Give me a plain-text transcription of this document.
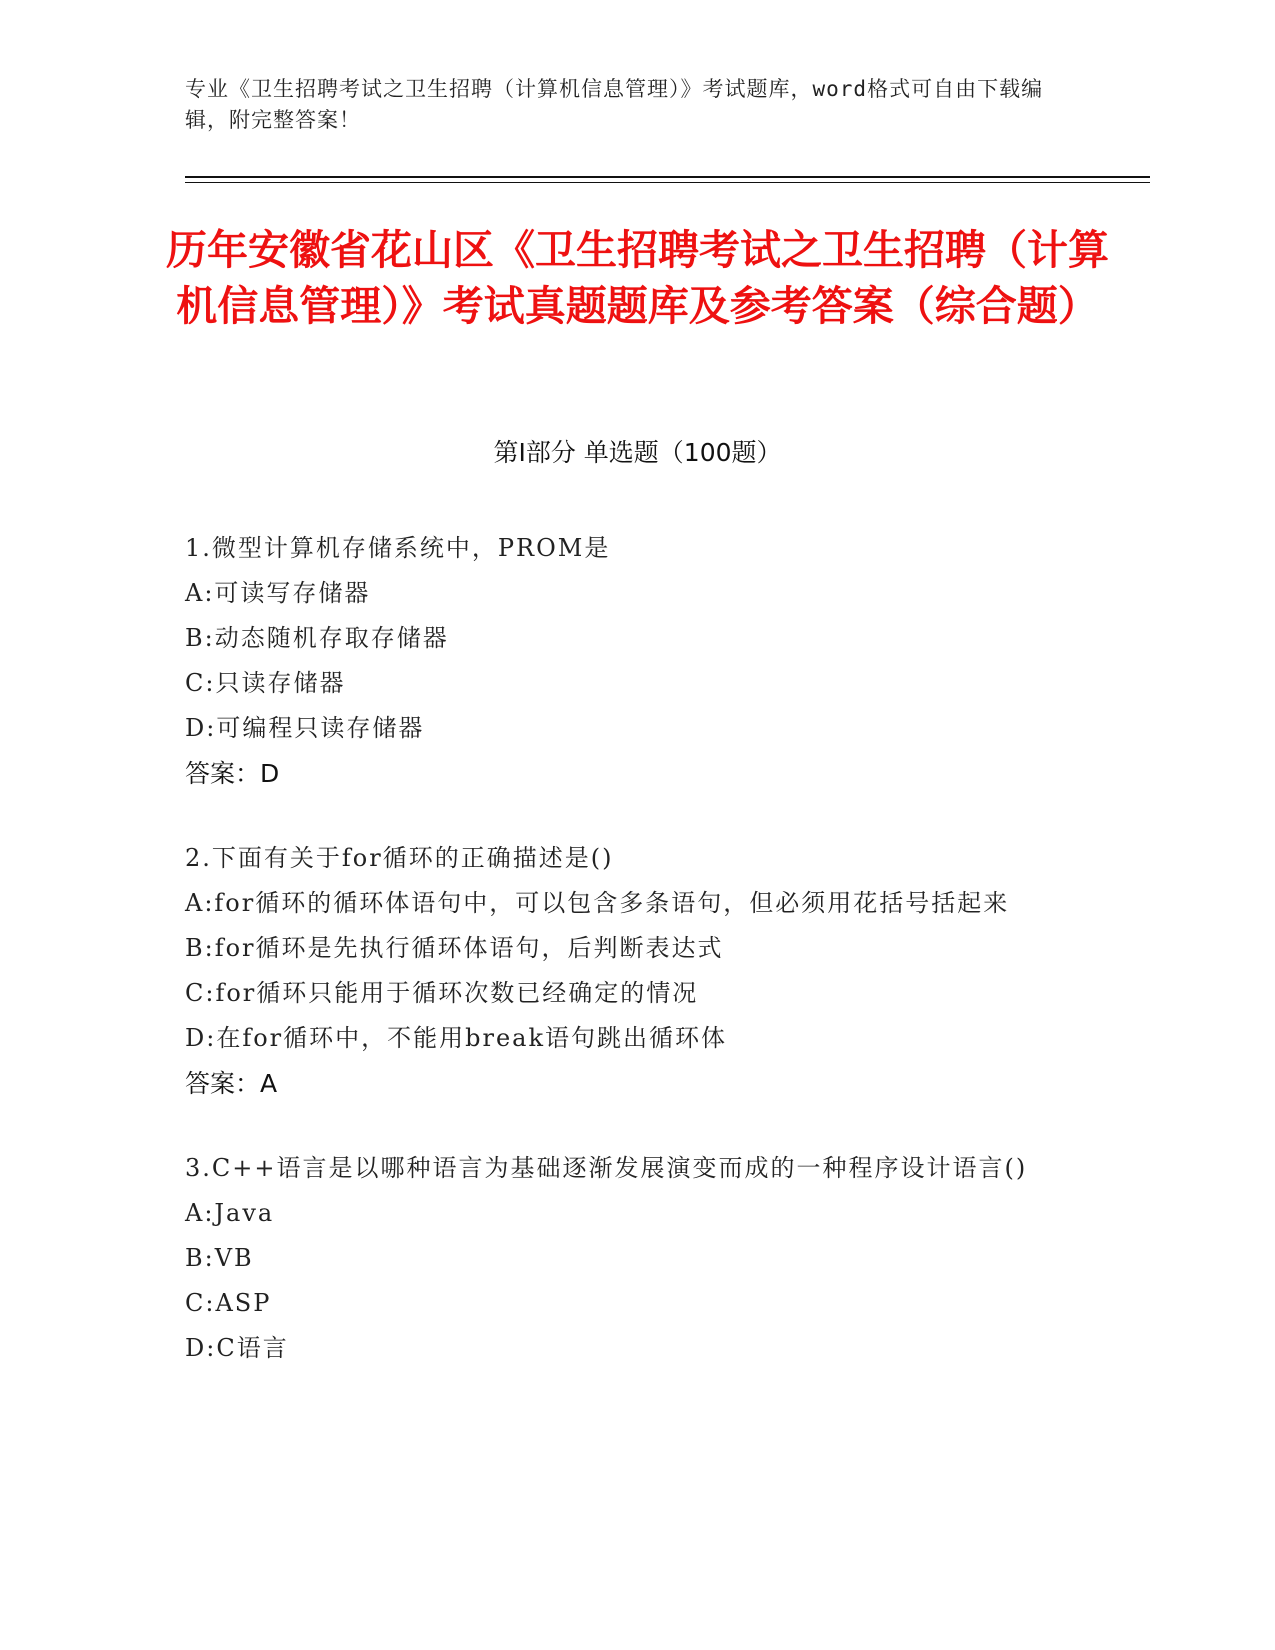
专业《卫生招聘考试之卫生招聘（计算机信息管理）》考试题库，word格式可自由下载编辑，附完整答案！
历年安徽省花山区《卫生招聘考试之卫生招聘（计算机信息管理）》考试真题题库及参考答案（综合题）
第I部分 单选题（100题）
1.微型计算机存储系统中，PROM是
A:可读写存储器
B:动态随机存取存储器
C:只读存储器
D:可编程只读存储器
答案：D
2.下面有关于for循环的正确描述是()
A:for循环的循环体语句中，可以包含多条语句，但必须用花括号括起来
B:for循环是先执行循环体语句，后判断表达式
C:for循环只能用于循环次数已经确定的情况
D:在for循环中，不能用break语句跳出循环体
答案：A
3.C++语言是以哪种语言为基础逐渐发展演变而成的一种程序设计语言()
A:Java
B:VB
C:ASP
D:C语言
